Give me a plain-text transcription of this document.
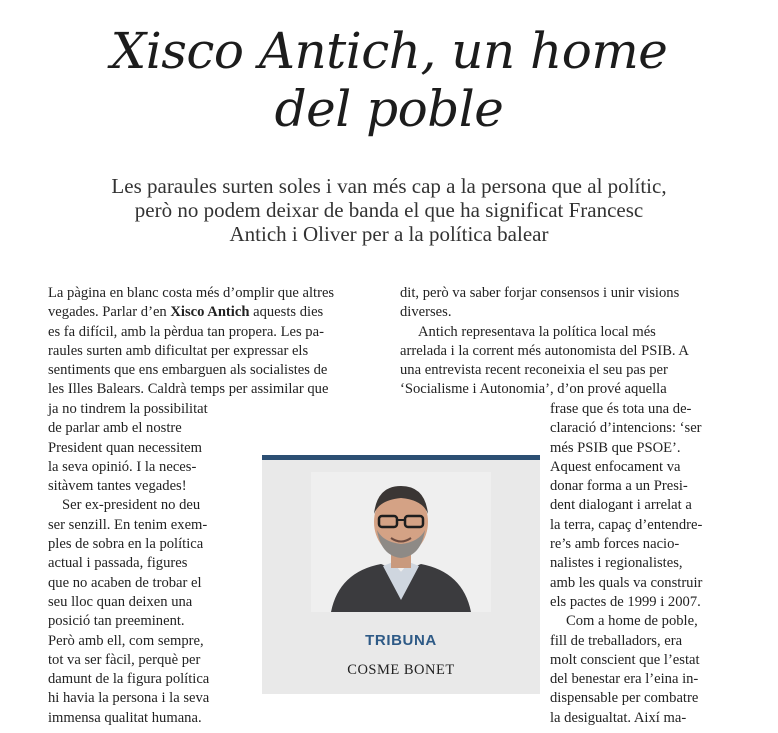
Xisco Antich, un home
del poble
Les paraules surten soles i van més cap a la persona que al polític,
però no podem deixar de banda el que ha significat Francesc
Antich i Oliver per a la política balear
La pàgina en blanc costa més d’omplir que altres
vegades. Parlar d’en Xisco Antich aquests dies
es fa difícil, amb la pèrdua tan propera. Les pa-
raules surten amb dificultat per expressar els
sentiments que ens embarguen als socialistes de
les Illes Balears. Caldrà temps per assimilar que
ja no tindrem la possibilitat
de parlar amb el nostre
President quan necessitem
la seva opinió. I la neces-
sitàvem tantes vegades!
Ser ex-president no deu
ser senzill. En tenim exem-
ples de sobra en la política
actual i passada, figures
que no acaben de trobar el
seu lloc quan deixen una
posició tan preeminent.
Però amb ell, com sempre,
tot va ser fàcil, perquè per
damunt de la figura política
hi havia la persona i la seva
immensa qualitat humana.
dit, però va saber forjar consensos i unir visions
diverses.
Antich representava la política local més
arrelada i la corrent més autonomista del PSIB. A
una entrevista recent reconeixia el seu pas per
‘Socialisme i Autonomia’, d’on prové aquella
frase que és tota una de-
claració d’intencions: ‘ser
més PSIB que PSOE’.
Aquest enfocament va
donar forma a un Presi-
dent dialogant i arrelat a
la terra, capaç d’entendre-
re’s amb forces nacio-
nalistes i regionalistes,
amb les quals va construir
els pactes de 1999 i 2007.
Com a home de poble,
fill de treballadors, era
molt conscient que l’estat
del benestar era l’eina in-
dispensable per combatre
la desigualtat. Així ma-
TRIBUNA
COSME BONET
